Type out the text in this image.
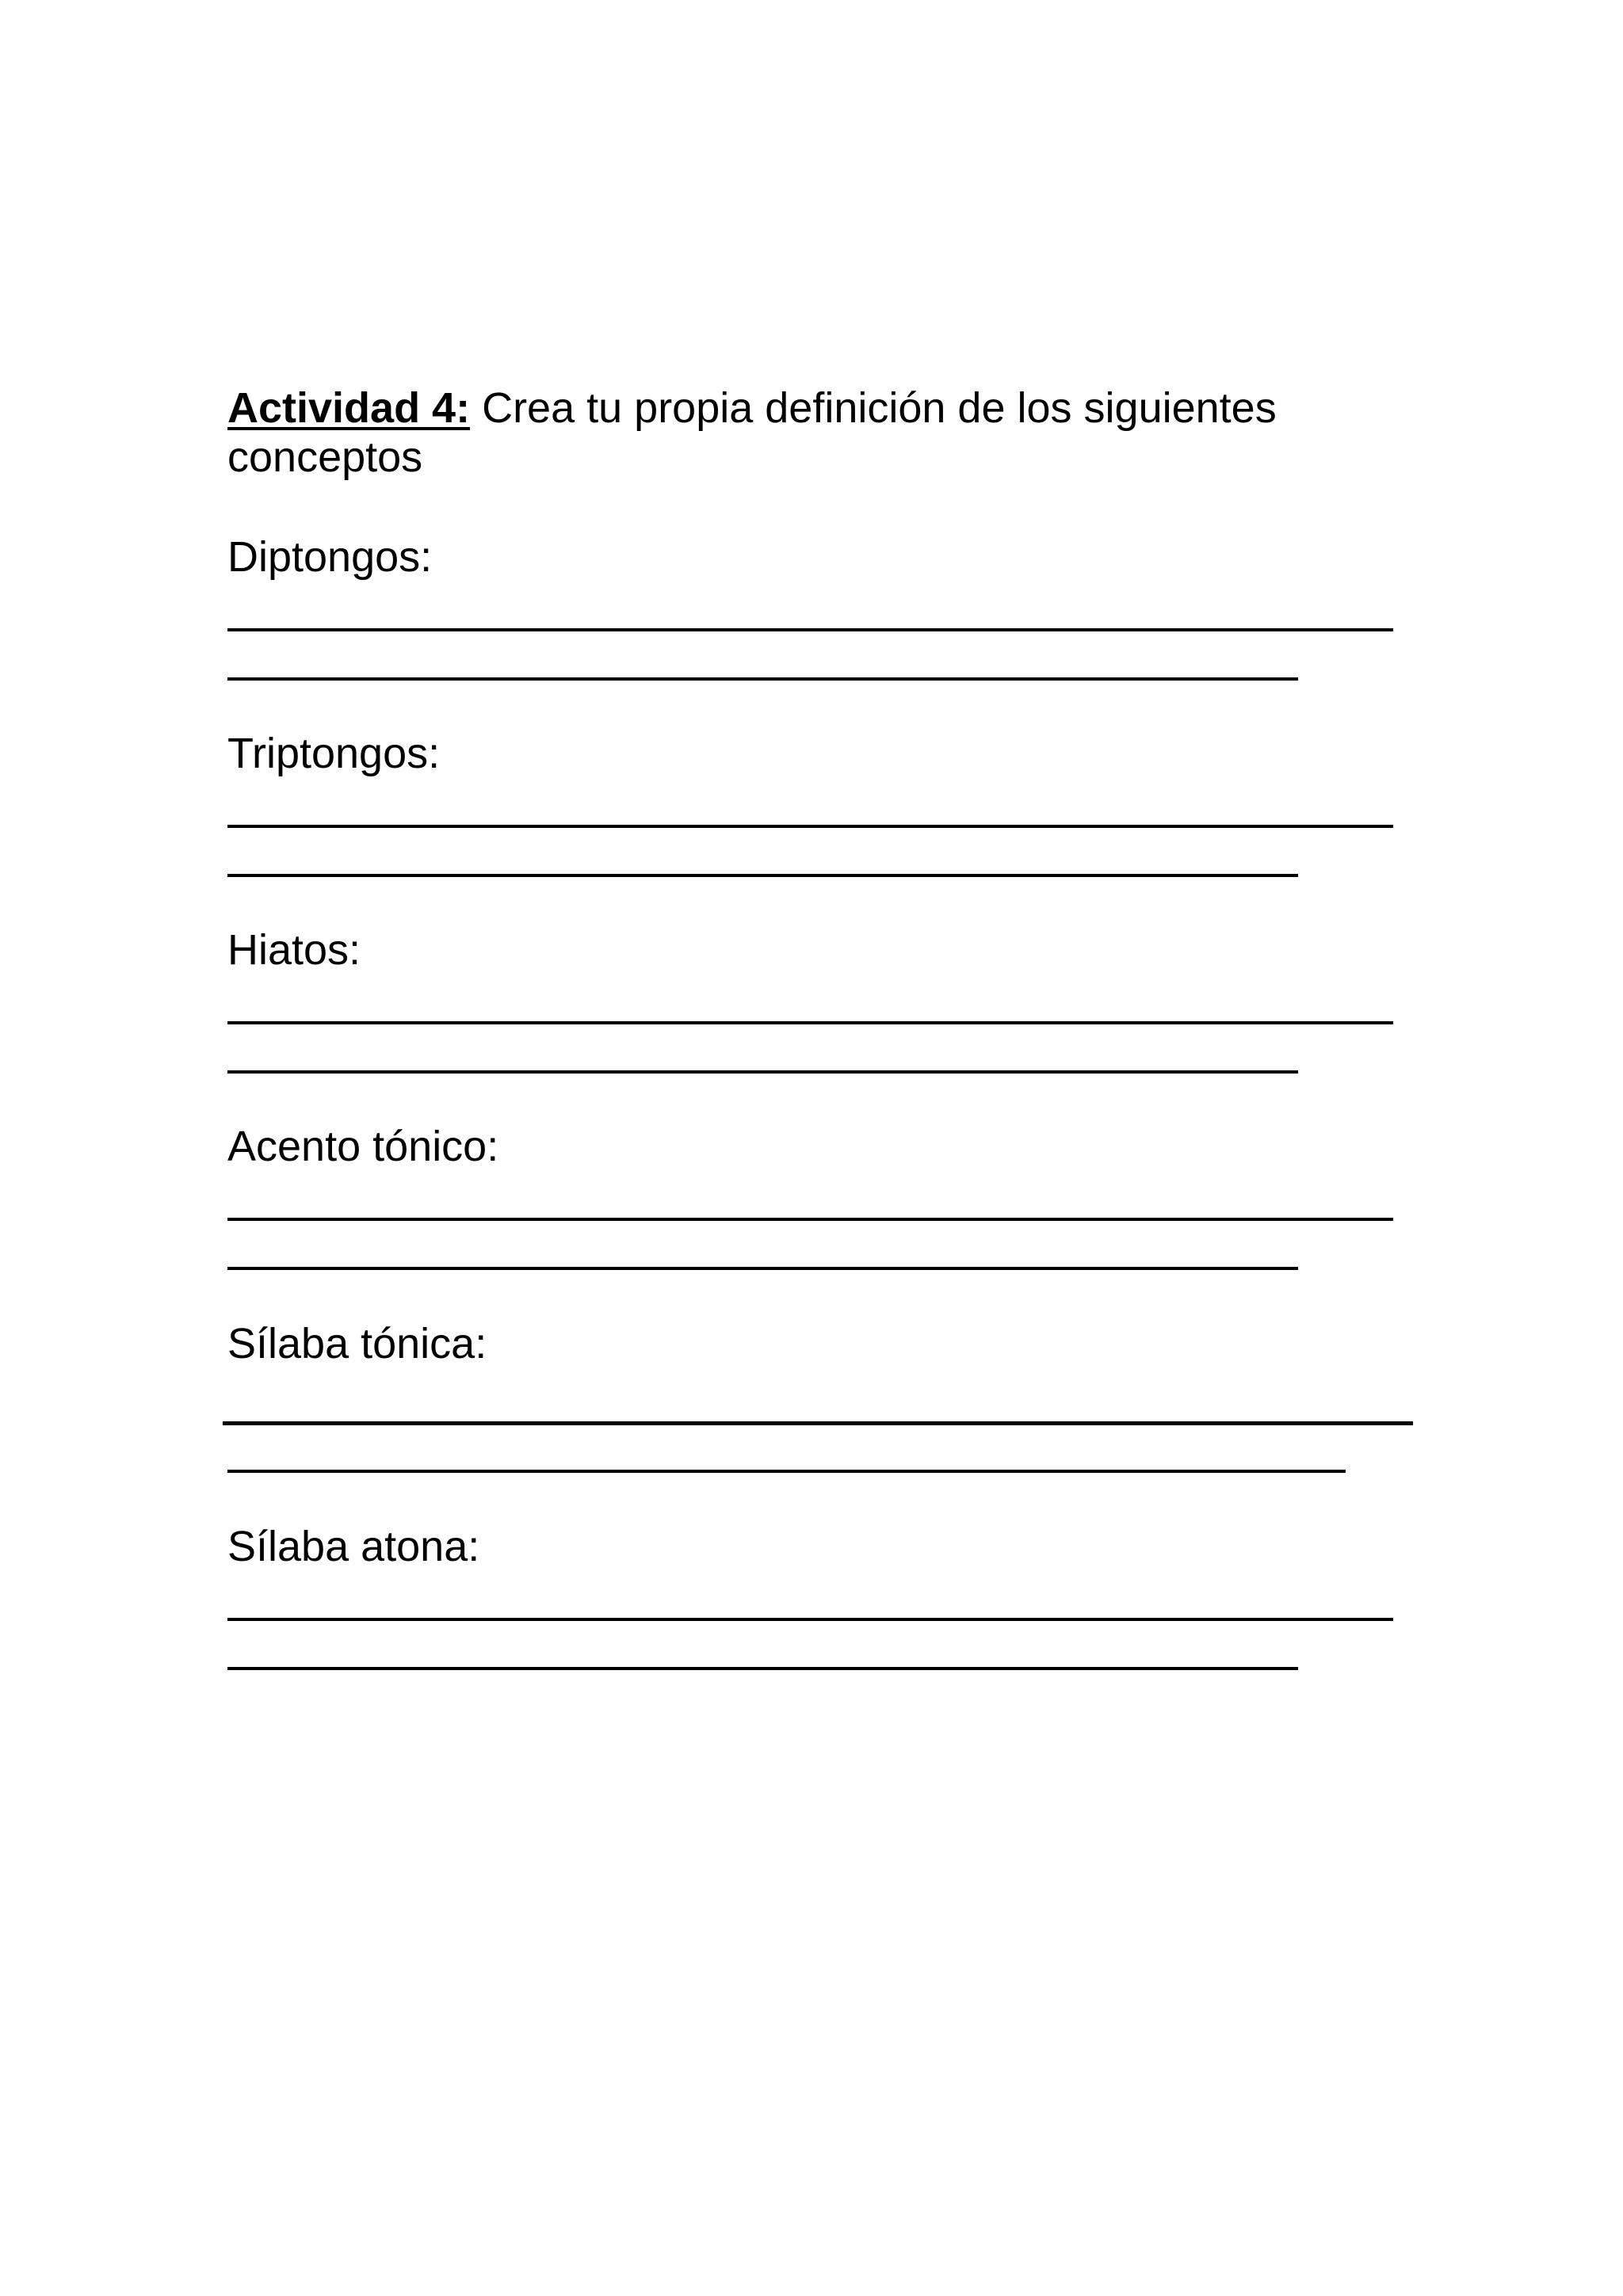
Actividad 4: Crea tu propia definición de los siguientes conceptos

Diptongos:

Triptongos:

Hiatos:

Acento tónico:

Sílaba tónica:

Sílaba atona:
